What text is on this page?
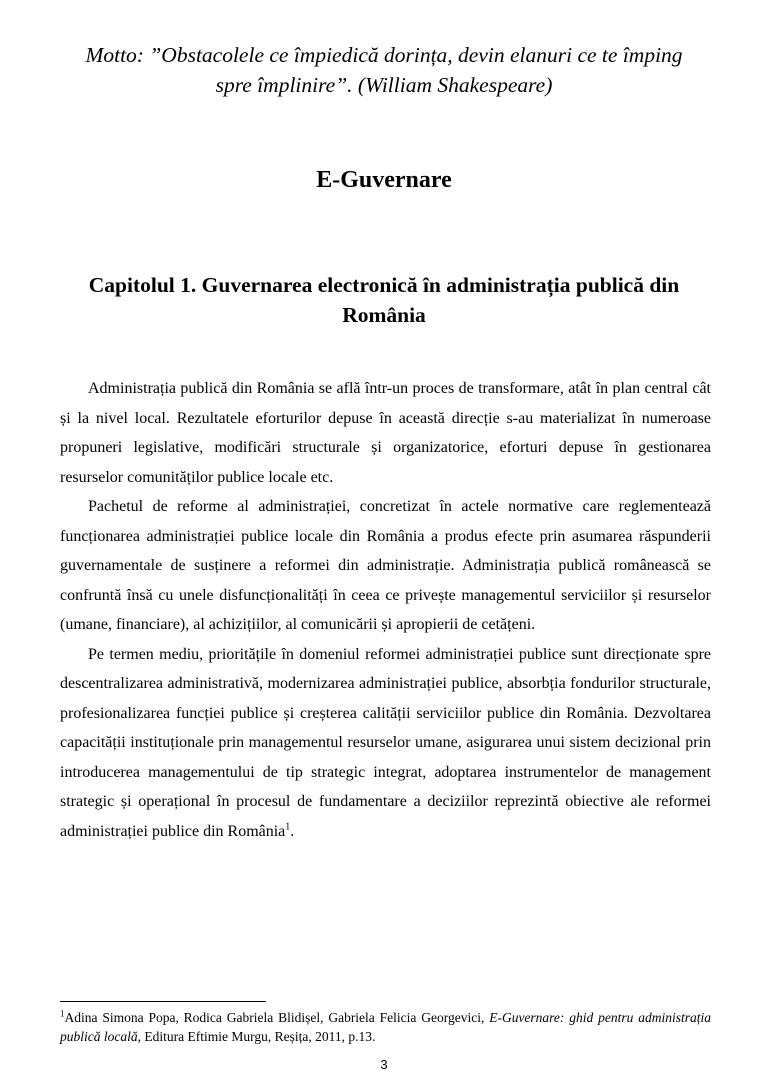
Motto: ”Obstacolele ce împiedică dorința, devin elanuri ce te împing
spre împlinire”. (William Shakespeare)
E-Guvernare
Capitolul 1. Guvernarea electronică în administrația publică din
România

Administrația publică din România se află într-un proces de transformare, atât în plan central cât și la nivel local. Rezultatele eforturilor depuse în această direcție s-au materializat în numeroase propuneri legislative, modificări structurale și organizatorice, eforturi depuse în gestionarea resurselor comunităților publice locale etc.

Pachetul de reforme al administrației, concretizat în actele normative care reglementează funcționarea administrației publice locale din România a produs efecte prin asumarea răspunderii guvernamentale de susținere a reformei din administrație. Administrația publică românească se confruntă însă cu unele disfuncționalități în ceea ce privește managementul serviciilor și resurselor (umane, financiare), al achizițiilor, al comunicării și apropierii de cetățeni.

Pe termen mediu, prioritățile în domeniul reformei administrației publice sunt direcționate spre descentralizarea administrativă, modernizarea administrației publice, absorbția fondurilor structurale, profesionalizarea funcției publice și creșterea calității serviciilor publice din România. Dezvoltarea capacității instituționale prin managementul resurselor umane, asigurarea unui sistem decizional prin introducerea managementului de tip strategic integrat, adoptarea instrumentelor de management strategic și operațional în procesul de fundamentare a deciziilor reprezintă obiective ale reformei administrației publice din România$^1$.

$^1$Adina Simona Popa, Rodica Gabriela Blidișel, Gabriela Felicia Georgevici, E-Guvernare: ghid pentru administrația publică locală, Editura Eftimie Murgu, Reșița, 2011, p.13.
3
